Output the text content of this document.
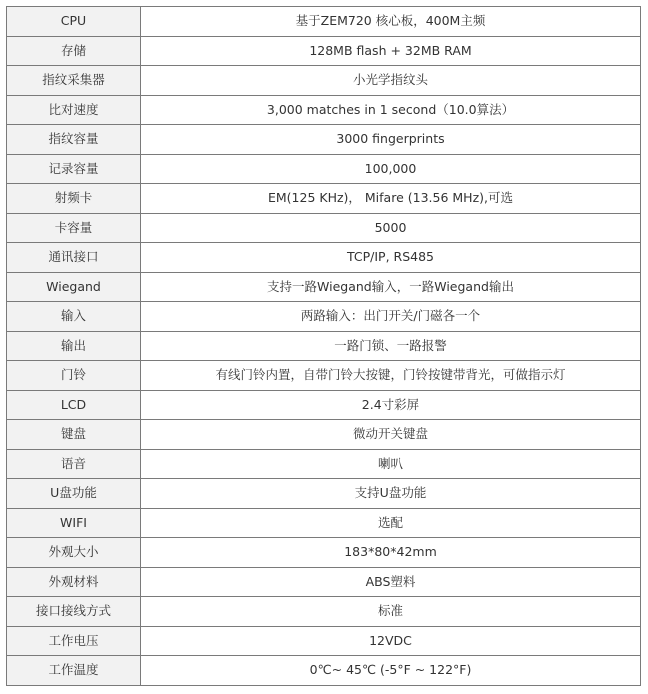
CPU	基于ZEM720 核心板，400M主频
存储	128MB flash + 32MB RAM
指纹采集器	小光学指纹头
比对速度	3,000 matches in 1 second（10.0算法）
指纹容量	3000 fingerprints
记录容量	100,000
射频卡	EM(125 KHz)， Mifare (13.56 MHz),可选
卡容量	5000
通讯接口	TCP/IP, RS485
Wiegand	支持一路Wiegand输入，一路Wiegand输出
输入	两路输入：出门开关/门磁各一个
输出	一路门锁、一路报警
门铃	有线门铃内置，自带门铃大按键，门铃按键带背光，可做指示灯
LCD	2.4寸彩屏
键盘	微动开关键盘
语音	喇叭
U盘功能	支持U盘功能
WIFI	选配
外观大小	183*80*42mm
外观材料	ABS塑料
接口接线方式	标准
工作电压	12VDC
工作温度	0℃~ 45℃ (-5°F ~ 122°F)
